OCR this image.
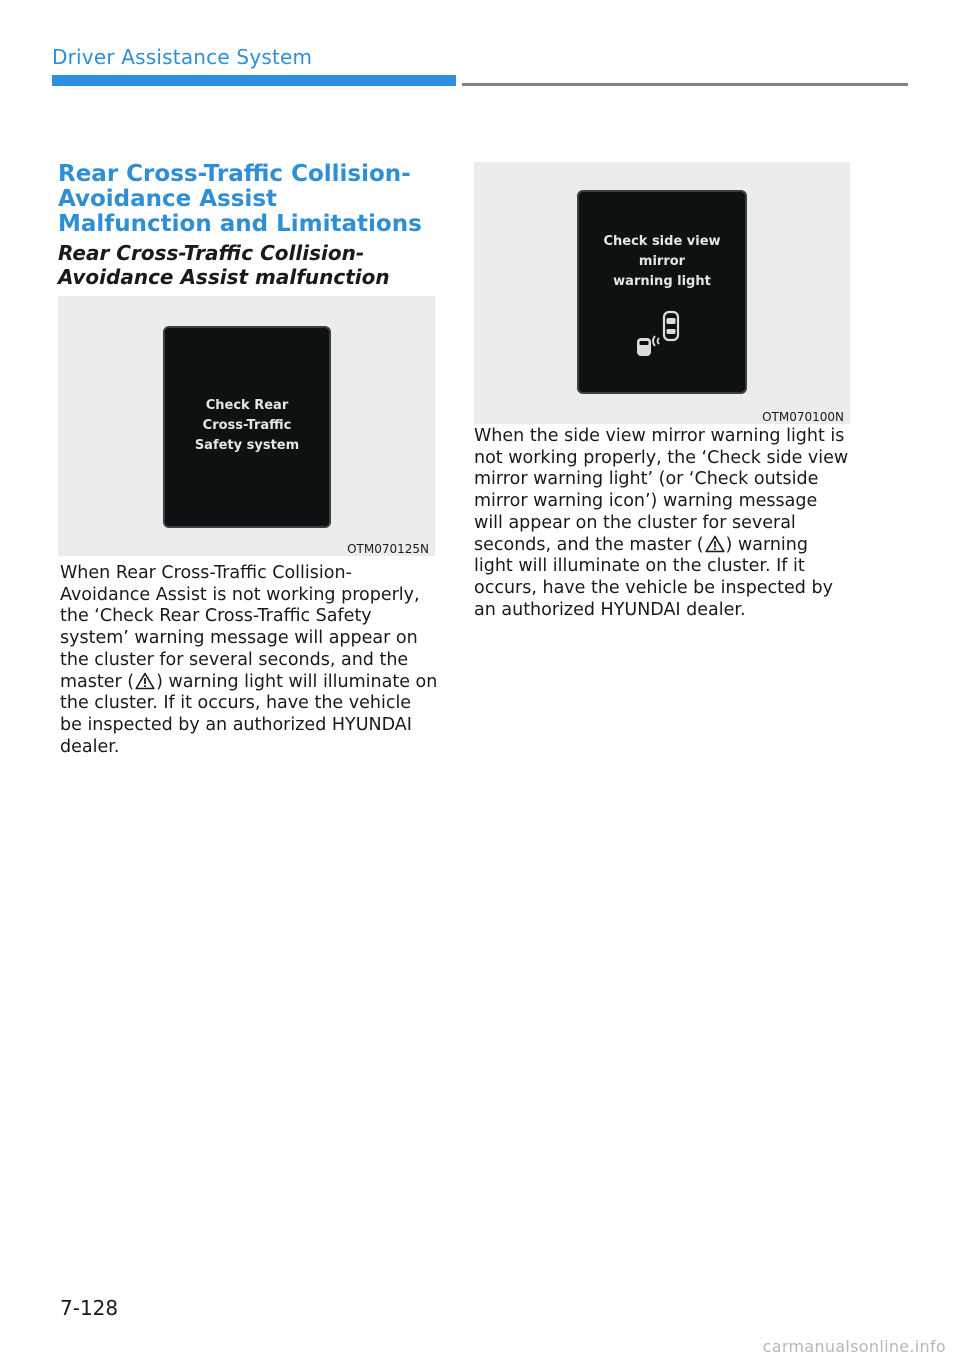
Driver Assistance System
Rear Cross-Traffic Collision-Avoidance Assist Malfunction and Limitations
Rear Cross-Traffic Collision-Avoidance Assist malfunction
Check Rear
Cross-Traffic
Safety system
OTM070125N
Check side view mirror
warning light
OTM070100N
When Rear Cross-Traffic Collision-Avoidance Assist is not working properly, the ‘Check Rear Cross-Traffic Safety system’ warning message will appear on the cluster for several seconds, and the master ( ) warning light will illuminate on the cluster. If it occurs, have the vehicle be inspected by an authorized HYUNDAI dealer.
When the side view mirror warning light is not working properly, the ‘Check side view mirror warning light’ (or ‘Check outside mirror warning icon’) warning message will appear on the cluster for several seconds, and the master ( ) warning light will illuminate on the cluster. If it occurs, have the vehicle be inspected by an authorized HYUNDAI dealer.
7-128
carmanualsonline.info
